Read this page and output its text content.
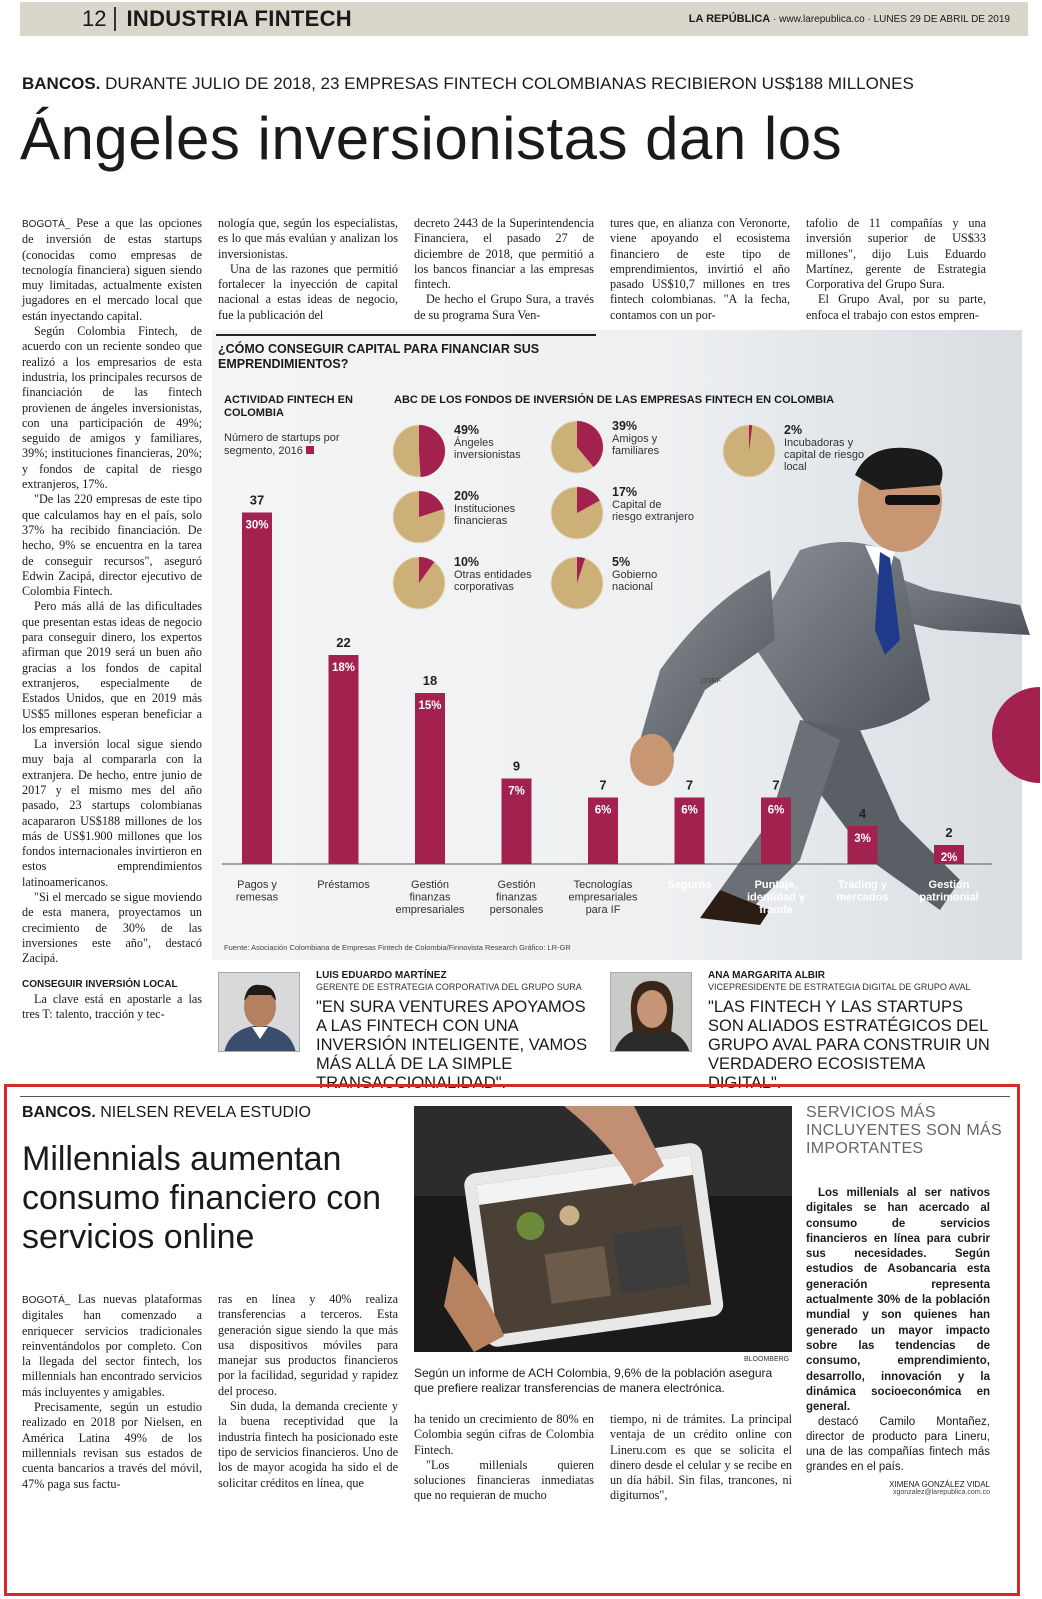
12 INDUSTRIA FINTECH	LA REPÚBLICA · www.larepublica.co · LUNES 29 DE ABRIL DE 2019
BANCOS. DURANTE JULIO DE 2018, 23 EMPRESAS FINTECH COLOMBIANAS RECIBIERON US$188 MILLONES
Ángeles inversionistas dan los

BOGOTÁ_ Pese a que las opciones de inversión de estas startups (conocidas como empresas de tecnología financiera) siguen siendo muy limitadas, actualmente existen jugadores en el mercado local que están inyectando capital.

Según Colombia Fintech, de acuerdo con un reciente sondeo que realizó a los empresarios de esta industria, los principales recursos de financiación de las fintech provienen de ángeles inversionistas, con una participación de 49%; seguido de amigos y familiares, 39%; instituciones financieras, 20%; y fondos de capital de riesgo extranjeros, 17%.

"De las 220 empresas de este tipo que calculamos hay en el país, solo 37% ha recibido financiación. De hecho, 9% se encuentra en la tarea de conseguir recursos", aseguró Edwin Zacipá, director ejecutivo de Colombia Fintech.

Pero más allá de las dificultades que presentan estas ideas de negocio para conseguir dinero, los expertos afirman que 2019 será un buen año gracias a los fondos de capital extranjeros, especialmente de Estados Unidos, que en 2019 más US$5 millones esperan beneficiar a los empresarios.

La inversión local sigue siendo muy baja al compararla con la extranjera. De hecho, entre junio de 2017 y el mismo mes del año pasado, 23 startups colombianas acapararon US$188 millones de los más de US$1.900 millones que los fondos internacionales invirtieron en estos emprendimientos latinoamericanos.

"Si el mercado se sigue moviendo de esta manera, proyectamos un crecimiento de 30% de las inversiones este año", destacó Zacipá.

CONSEGUIR INVERSIÓN LOCAL

La clave está en apostarle a las tres T: talento, tracción y tec-

nología que, según los especialistas, es lo que más evalúan y analizan los inversionistas.

Una de las razones que permitió fortalecer la inyección de capital nacional a estas ideas de negocio, fue la publicación del

decreto 2443 de la Superintendencia Financiera, el pasado 27 de diciembre de 2018, que permitió a los bancos financiar a las empresas fintech.

De hecho el Grupo Sura, a través de su programa Sura Ven-

tures que, en alianza con Veronorte, viene apoyando el ecosistema financiero de este tipo de emprendimientos, invirtió el año pasado US$10,7 millones en tres fintech colombianas. "A la fecha, contamos con un por-

tafolio de 11 compañías y una inversión superior de US$33 millones", dijo Luis Eduardo Martínez, gerente de Estrategia Corporativa del Grupo Sura.

El Grupo Aval, por su parte, enfoca el trabajo con estos empren-

¿CÓMO CONSEGUIR CAPITAL PARA FINANCIAR SUS EMPRENDIMIENTOS?
ACTIVIDAD FINTECH EN COLOMBIA
Número de startups por segmento, 2016
ABC DE LOS FONDOS DE INVERSIÓN DE LAS EMPRESAS FINTECH EN COLOMBIA
123RF
37
30%
Pagos y remesas
22
18%
Préstamos
18
15%
Gestión finanzas empresariales
9
7%
Gestión finanzas personales
7
6%
Tecnologías empresariales para IF
7
6%
Seguros
7
6%
Puntaje, identidad y fraude
4
3%
Trading y mercados
2
2%
Gestión patrimonial
49%
Ángeles inversionistas
39%
Amigos y familiares
2%
Incubadoras y capital de riesgo local
20%
Instituciones financieras
17%
Capital de riesgo extranjero
10%
Otras entidades corporativas
5%
Gobierno nacional
Fuente: Asociación Colombiana de Empresas Fintech de Colombia/Finnovista Research Gráfico: LR-GR
LUIS EDUARDO MARTÍNEZ
GERENTE DE ESTRATEGIA CORPORATIVA DEL GRUPO SURA
"EN SURA VENTURES APOYAMOS A LAS FINTECH CON UNA INVERSIÓN INTELIGENTE, VAMOS MÁS ALLÁ DE LA SIMPLE TRANSACCIONALIDAD".
ANA MARGARITA ALBIR
VICEPRESIDENTE DE ESTRATEGIA DIGITAL DE GRUPO AVAL
"LAS FINTECH Y LAS STARTUPS SON ALIADOS ESTRATÉGICOS DEL GRUPO AVAL PARA CONSTRUIR UN VERDADERO ECOSISTEMA DIGITAL".
BANCOS. NIELSEN REVELA ESTUDIO
Millennials aumentan consumo financiero con servicios online

BOGOTÁ_ Las nuevas plataformas digitales han comenzado a enriquecer servicios tradicionales reinventándolos por completo. Con la llegada del sector fintech, los millennials han encontrado servicios más incluyentes y amigables.

Precisamente, según un estudio realizado en 2018 por Nielsen, en América Latina 49% de los millennials revisan sus estados de cuenta bancarios a través del móvil, 47% paga sus factu-

ras en línea y 40% realiza transferencias a terceros. Esta generación sigue siendo la que más usa dispositivos móviles para manejar sus productos financieros por la facilidad, seguridad y rapidez del proceso.

Sin duda, la demanda creciente y la buena receptividad que la industria fintech ha posicionado este tipo de servicios financieros. Uno de los de mayor acogida ha sido el de solicitar créditos en línea, que

ha tenido un crecimiento de 80% en Colombia según cifras de Colombia Fintech.

"Los millenials quieren soluciones financieras inmediatas que no requieran de mucho

tiempo, ni de trámites. La principal ventaja de un crédito online con Lineru.com es que se solicita el dinero desde el celular y se recibe en un día hábil. Sin filas, trancones, ni digiturnos",

BLOOMBERG
Según un informe de ACH Colombia, 9,6% de la población asegura que prefiere realizar transferencias de manera electrónica.
SERVICIOS MÁS INCLUYENTES SON MÁS IMPORTANTES
Los millenials al ser nativos digitales se han acercado al consumo de servicios financieros en línea para cubrir sus necesidades. Según estudios de Asobancaria esta generación representa actualmente 30% de la población mundial y son quienes han generado un mayor impacto sobre las tendencias de consumo, emprendimiento, desarrollo, innovación y la dinámica socioeconómica en general.
destacó Camilo Montañez, director de producto para Lineru, una de las compañías fintech más grandes en el país.
XIMENA GONZÁLEZ VIDAL
xgonzalez@larepublica.com.co
